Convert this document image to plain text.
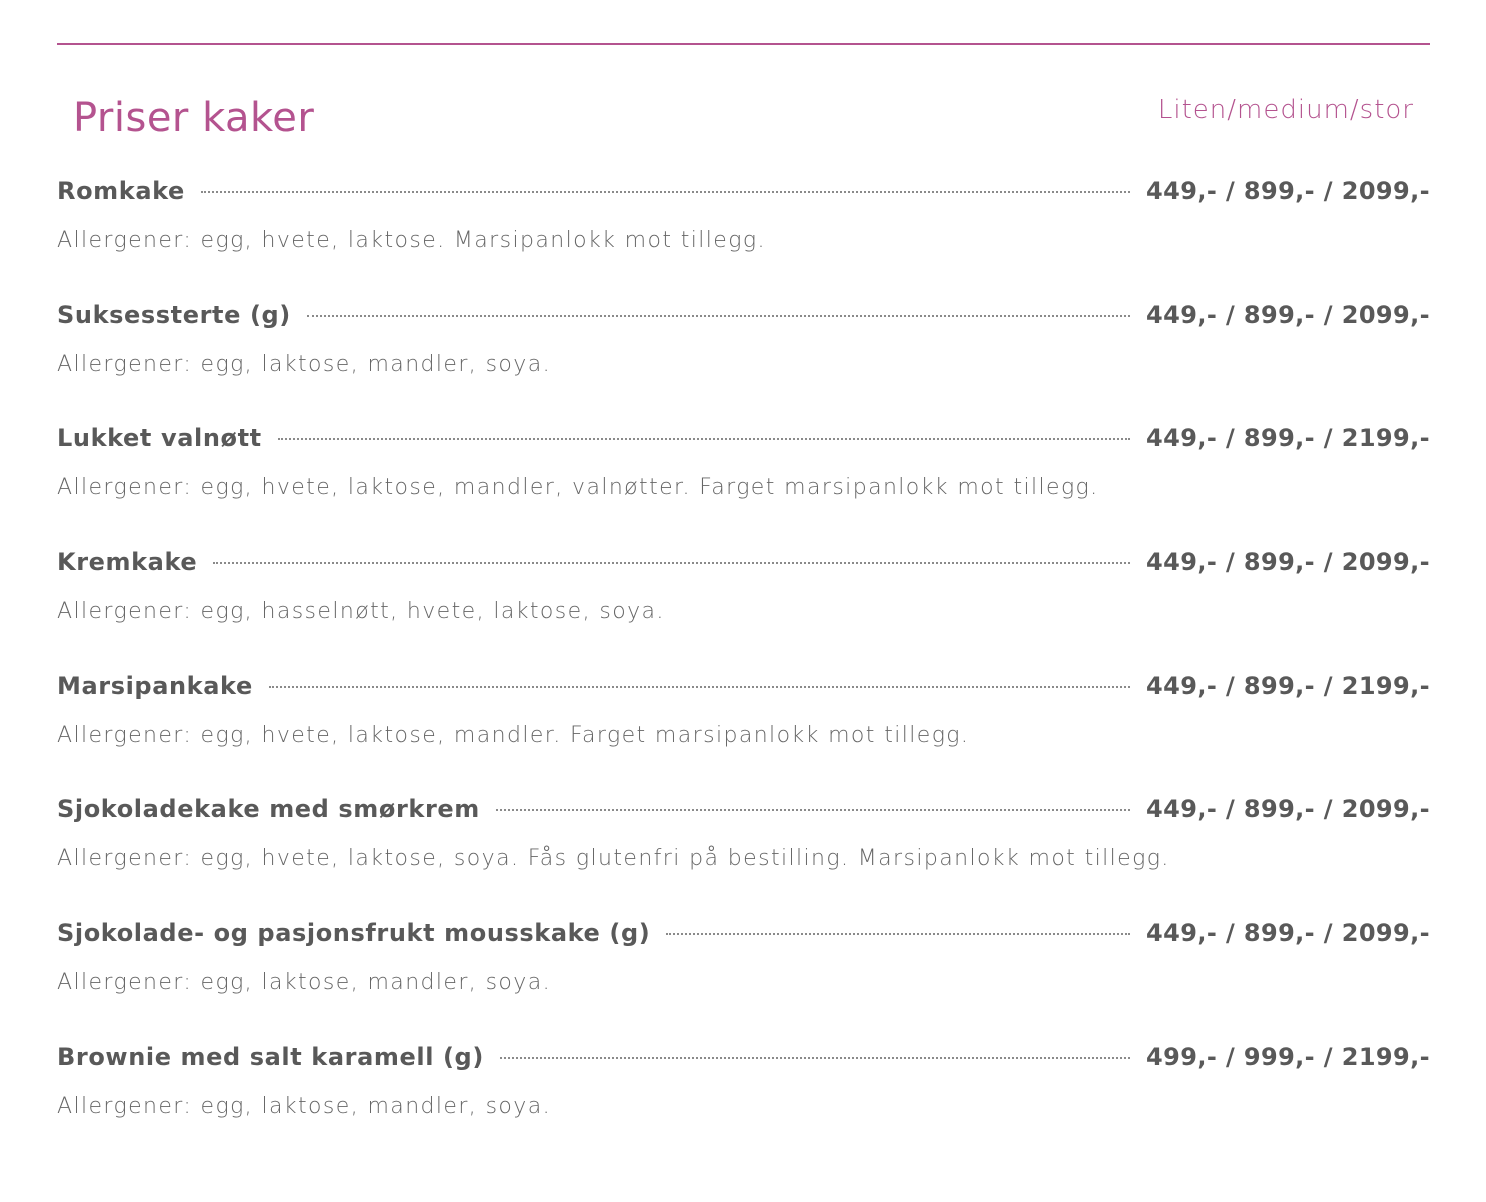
Priser kaker	Liten/medium/stor
Romkake	449,- / 899,- / 2099,-
Allergener: egg, hvete, laktose. Marsipanlokk mot tillegg.
Suksessterte (g)	449,- / 899,- / 2099,-
Allergener: egg, laktose, mandler, soya.
Lukket valnøtt	449,- / 899,- / 2199,-
Allergener: egg, hvete, laktose, mandler, valnøtter. Farget marsipanlokk mot tillegg.
Kremkake	449,- / 899,- / 2099,-
Allergener: egg, hasselnøtt, hvete, laktose, soya.
Marsipankake	449,- / 899,- / 2199,-
Allergener: egg, hvete, laktose, mandler. Farget marsipanlokk mot tillegg.
Sjokoladekake med smørkrem	449,- / 899,- / 2099,-
Allergener: egg, hvete, laktose, soya. Fås glutenfri på bestilling. Marsipanlokk mot tillegg.
Sjokolade- og pasjonsfrukt mousskake (g)	449,- / 899,- / 2099,-
Allergener: egg, laktose, mandler, soya.
Brownie med salt karamell (g)	499,- / 999,- / 2199,-
Allergener: egg, laktose, mandler, soya.
